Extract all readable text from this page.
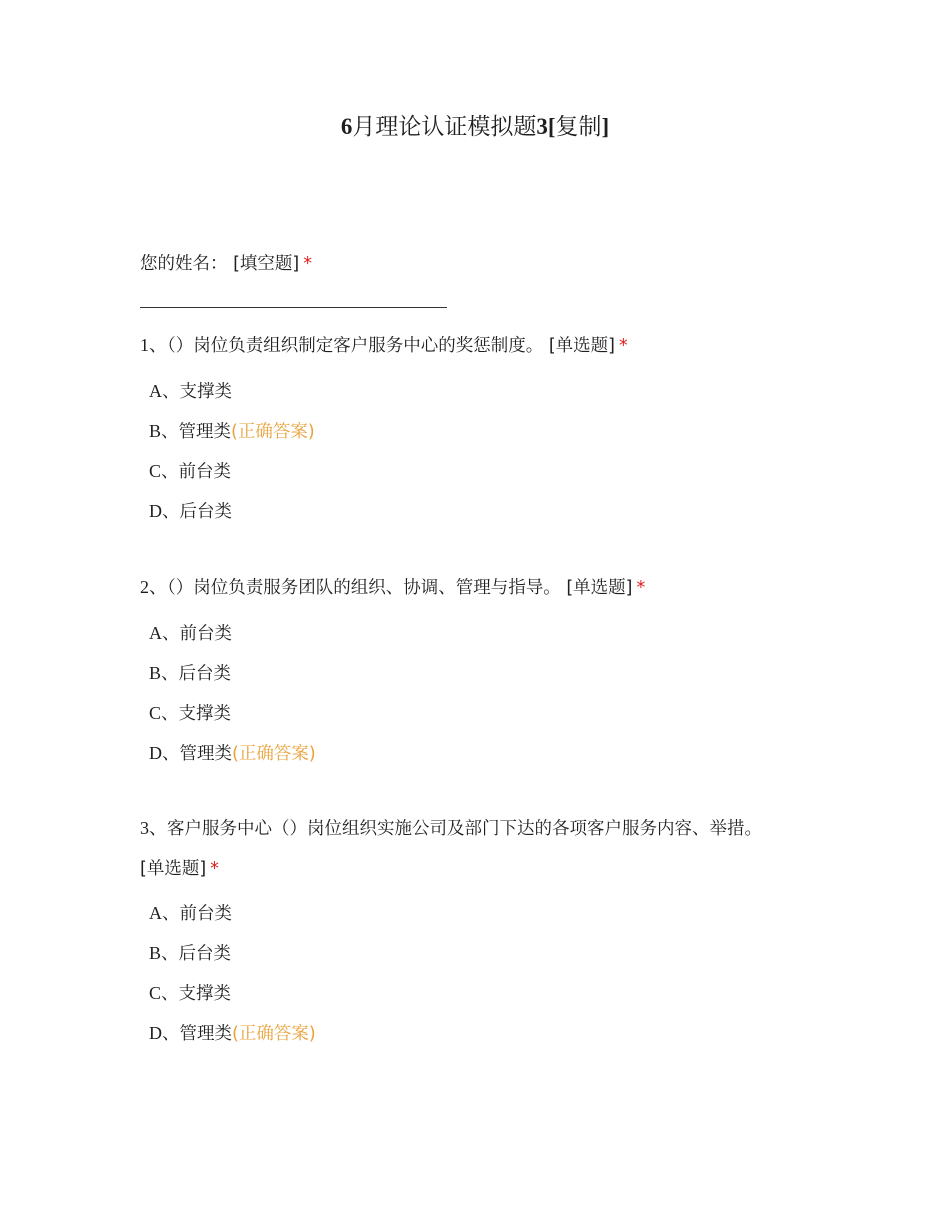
6月理论认证模拟题3[复制]
您的姓名： [填空题] *
1、（）岗位负责组织制定客户服务中心的奖惩制度。 [单选题] *
A、支撑类
B、管理类(正确答案)
C、前台类
D、后台类
2、（）岗位负责服务团队的组织、协调、管理与指导。 [单选题] *
A、前台类
B、后台类
C、支撑类
D、管理类(正确答案)
3、客户服务中心（）岗位组织实施公司及部门下达的各项客户服务内容、举措。
[单选题] *
A、前台类
B、后台类
C、支撑类
D、管理类(正确答案)
